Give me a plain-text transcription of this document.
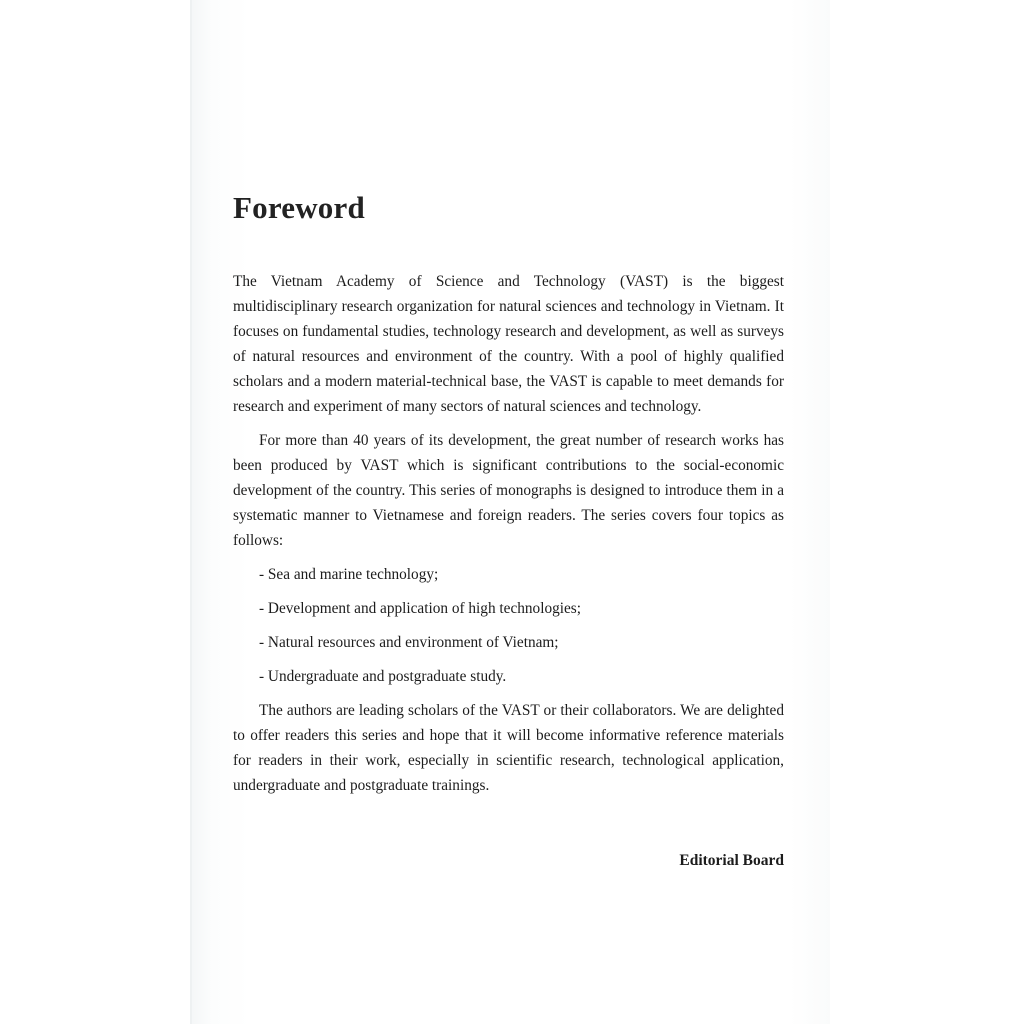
Foreword

The Vietnam Academy of Science and Technology (VAST) is the biggest multidisciplinary research organization for natural sciences and technology in Vietnam. It focuses on fundamental studies, technology research and development, as well as surveys of natural resources and environment of the country. With a pool of highly qualified scholars and a modern material-technical base, the VAST is capable to meet demands for research and experiment of many sectors of natural sciences and technology.

For more than 40 years of its development, the great number of research works has been produced by VAST which is significant contributions to the social-economic development of the country. This series of monographs is designed to introduce them in a systematic manner to Vietnamese and foreign readers. The series covers four topics as follows:

- Sea and marine technology;
- Development and application of high technologies;
- Natural resources and environment of Vietnam;
- Undergraduate and postgraduate study.

The authors are leading scholars of the VAST or their collaborators. We are delighted to offer readers this series and hope that it will become informative reference materials for readers in their work, especially in scientific research, technological application, undergraduate and postgraduate trainings.

Editorial Board
